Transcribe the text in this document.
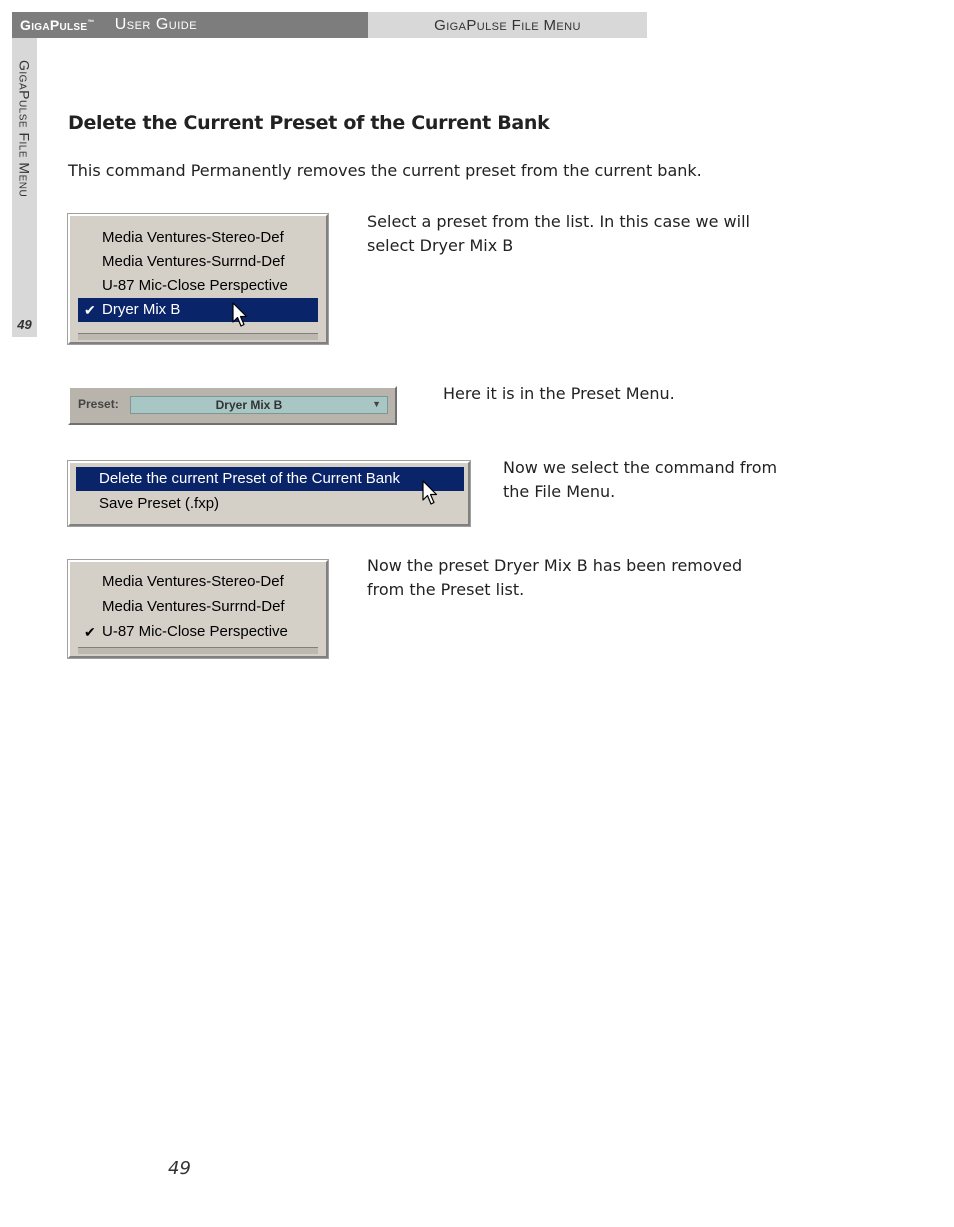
GigaPulse™ User Guide	GigaPulse File Menu
GigaPulse File Menu
49
Delete the Current Preset of the Current Bank
This command Permanently removes the current preset from the current bank.
Media Ventures-Stereo-Def
Media Ventures-Surrnd-Def
U-87 Mic-Close Perspective
✔ Dryer Mix B
Select a preset from the list. In this case we will select Dryer Mix B
Preset:	Dryer Mix B	▼
Here it is in the Preset Menu.
Delete the current Preset of the Current Bank
Save Preset (.fxp)
Now we select the command from the File Menu.
Media Ventures-Stereo-Def
Media Ventures-Surrnd-Def
✔ U-87 Mic-Close Perspective
Now the preset Dryer Mix B has been removed from the Preset list.
49
